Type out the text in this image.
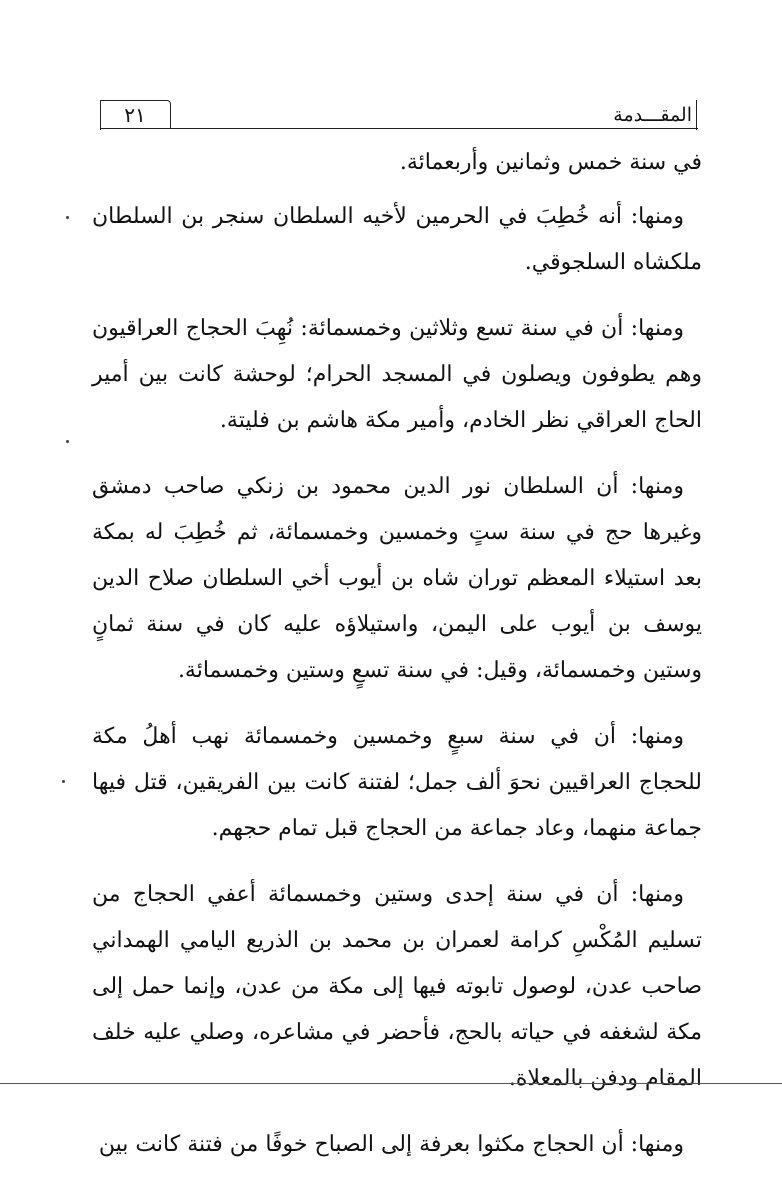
٢١	المقـــدمة

في سنة خمس وثمانين وأربعمائة.

ومنها: أنه خُطِبَ في الحرمين لأخيه السلطان سنجر بن السلطان ملكشاه السلجوقي.

ومنها: أن في سنة تسع وثلاثين وخمسمائة: نُهِبَ الحجاج العراقيون وهم يطوفون ويصلون في المسجد الحرام؛ لوحشة كانت بين أمير الحاج العراقي نظر الخادم، وأمير مكة هاشم بن فليتة.

ومنها: أن السلطان نور الدين محمود بن زنكي صاحب دمشق وغيرها حج في سنة ستٍ وخمسين وخمسمائة، ثم خُطِبَ له بمكة بعد استيلاء المعظم توران شاه بن أيوب أخي السلطان صلاح الدين يوسف بن أيوب على اليمن، واستيلاؤه عليه كان في سنة ثمانٍ وستين وخمسمائة، وقيل: في سنة تسعٍ وستين وخمسمائة.

ومنها: أن في سنة سبعٍ وخمسين وخمسمائة نهب أهلُ مكة للحجاج العراقيين نحوَ ألف جمل؛ لفتنة كانت بين الفريقين، قتل فيها جماعة منهما، وعاد جماعة من الحجاج قبل تمام حجهم.

ومنها: أن في سنة إحدى وستين وخمسمائة أعفي الحجاج من تسليم المُكْسِ كرامة لعمران بن محمد بن الذريع اليامي الهمداني صاحب عدن، لوصول تابوته فيها إلى مكة من عدن، وإنما حمل إلى مكة لشغفه في حياته بالحج، فأحضر في مشاعره، وصلي عليه خلف المقام ودفن بالمعلاة.

ومنها: أن الحجاج مكثوا بعرفة إلى الصباح خوفًا من فتنة كانت بين
